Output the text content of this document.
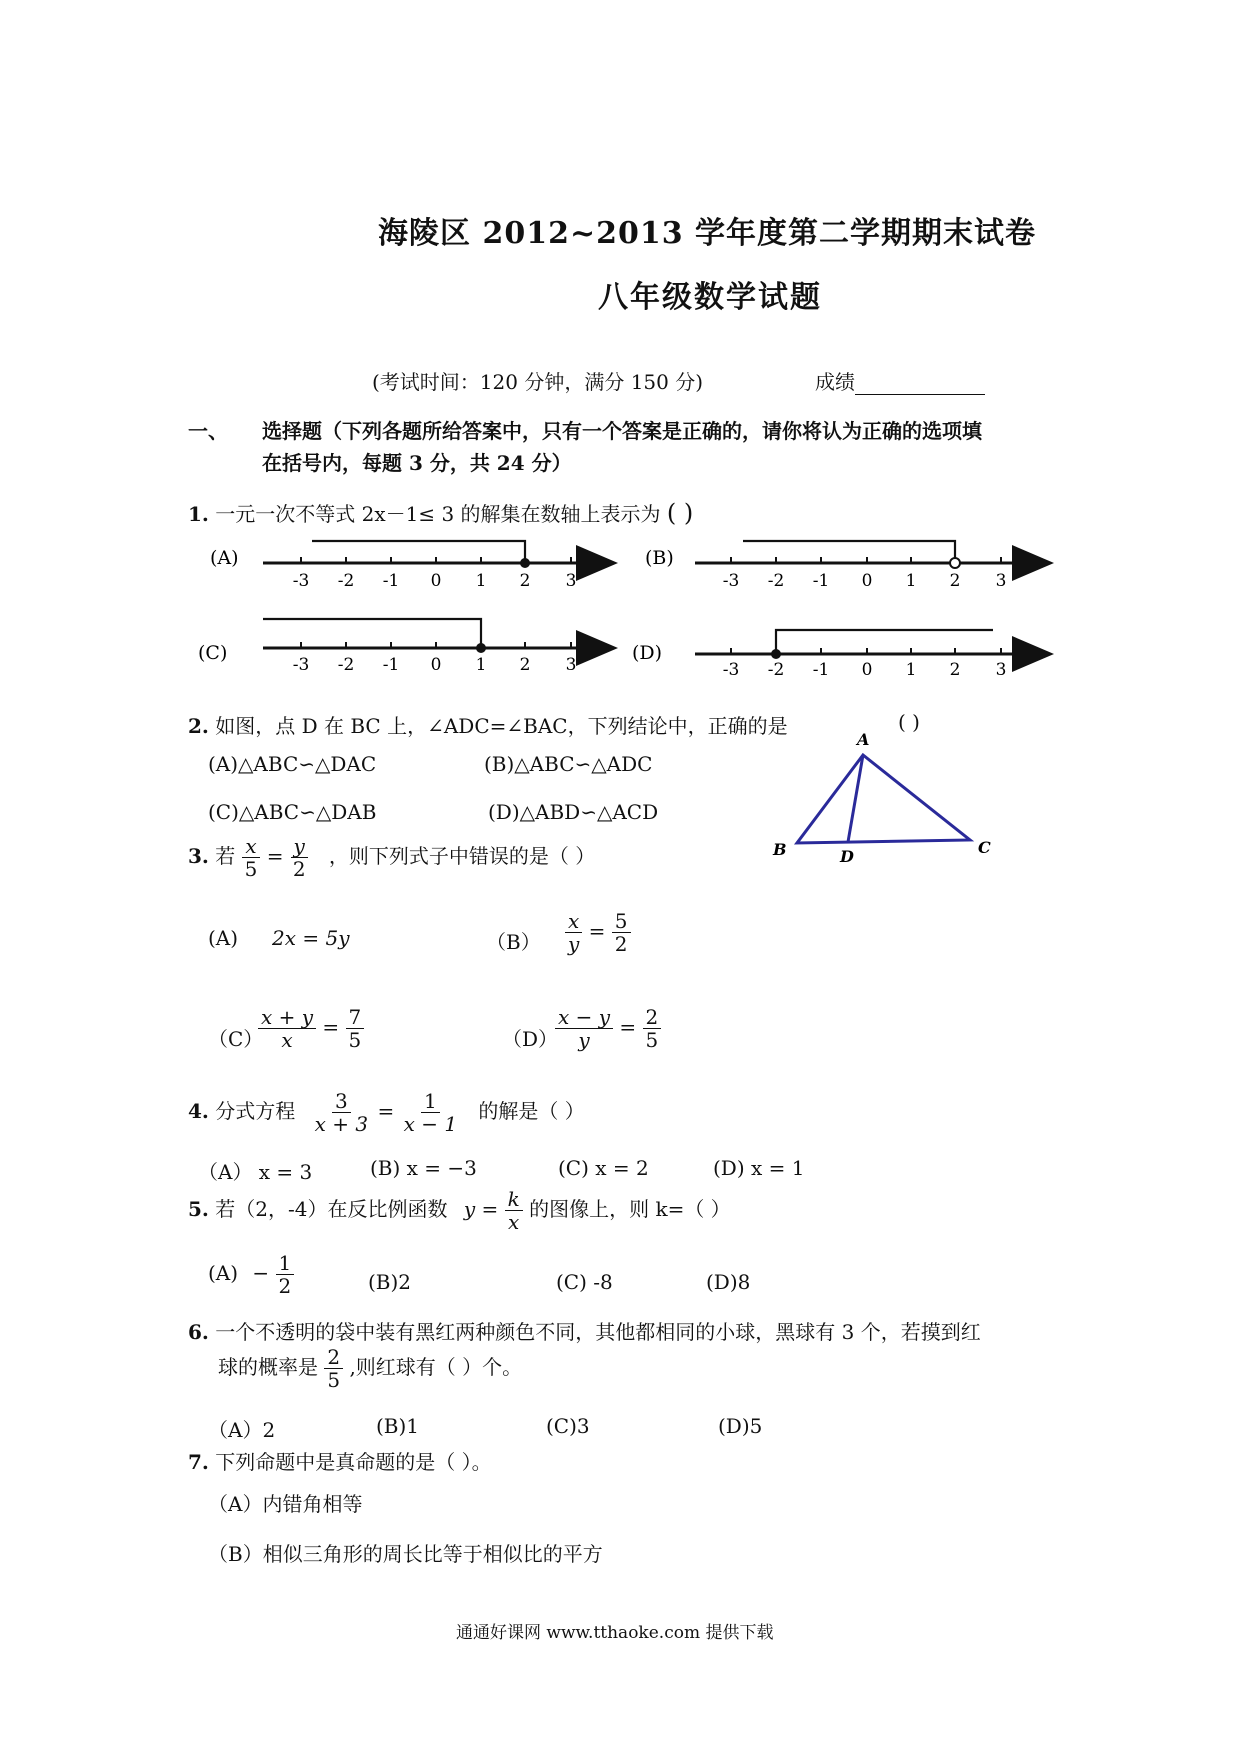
海陵区 2012~2013 学年度第二学期期末试卷
八年级数学试题
(考试时间：120 分钟，满分 150 分)	成绩
一、 选择题（下列各题所给答案中，只有一个答案是正确的，请你将认为正确的选项填
在括号内，每题 3 分，共 24 分）
1. 一元一次不等式 2x－1≤ 3 的解集在数轴上表示为 ( )
(A)
-3 -2 -1 0 1 2 3
(B)
-3 -2 -1 0 1 2 3
(C)
-3 -2 -1 0 1 2 3
(D)
-3 -2 -1 0 1 2 3
2. 如图，点 D 在 BC 上，∠ADC=∠BAC，下列结论中，正确的是	( )
(A)△ABC∽△DAC	(B)△ABC∽△ADC
(C)△ABC∽△DAB	(D)△ABD∽△ACD
A
B	D	C
3. 若 $\frac{x}{5} = \frac{y}{2}$ ，则下列式子中错误的是（ ）
(A) 2x = 5y	$(B) \frac{x}{y} = \frac{5}{2}$
（C）
$\frac{x + y}{x} = \frac{7}{5}$	（D）
$\frac{x - y}{y} = \frac{2}{5}$
4. 分式方程 $\frac{3}{x + 3} = \frac{1}{x - 1}$ 的解是（ ）
（A） x = 3	(B) x = −3	(C) x = 2	(D) x = 1
5. 若（2，-4）在反比例函数 $y = \frac{k}{x}$ 的图像上，则 k=（ ）
$(A) - \frac{1}{2}$	(B)2	(C) -8	(D)8
6. 一个不透明的袋中装有黑红两种颜色不同，其他都相同的小球，黑球有 3 个，若摸到红
球的概率是 $\frac{2}{5}$ ,则红球有（ ）个。
（A）2	(B)1	(C)3	(D)5
7. 下列命题中是真命题的是（ ）。
（A）内错角相等
（B）相似三角形的周长比等于相似比的平方
通通好课网 www.tthaoke.com 提供下载
